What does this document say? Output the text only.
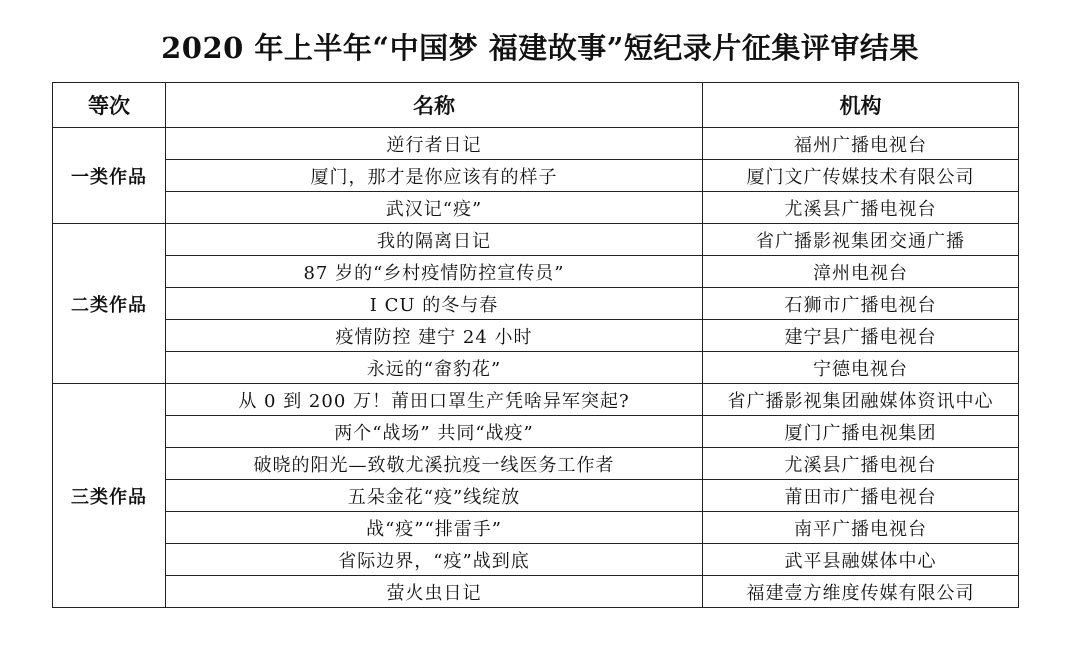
2020 年上半年“中国梦 福建故事”短纪录片征集评审结果
等次	名称	机构
一类作品	逆行者日记	福州广播电视台
	厦门，那才是你应该有的样子	厦门文广传媒技术有限公司
	武汉记“疫”	尤溪县广播电视台
二类作品	我的隔离日记	省广播影视集团交通广播
	87 岁的“乡村疫情防控宣传员”	漳州电视台
	I CU 的冬与春	石狮市广播电视台
	疫情防控 建宁 24 小时	建宁县广播电视台
	永远的“畲豹花”	宁德电视台
三类作品	从 0 到 200 万！莆田口罩生产凭啥异军突起?	省广播影视集团融媒体资讯中心
	两个“战场” 共同“战疫”	厦门广播电视集团
	破晓的阳光—致敬尤溪抗疫一线医务工作者	尤溪县广播电视台
	五朵金花“疫”线绽放	莆田市广播电视台
	战“疫”“排雷手”	南平广播电视台
	省际边界，“疫”战到底	武平县融媒体中心
	萤火虫日记	福建壹方维度传媒有限公司
